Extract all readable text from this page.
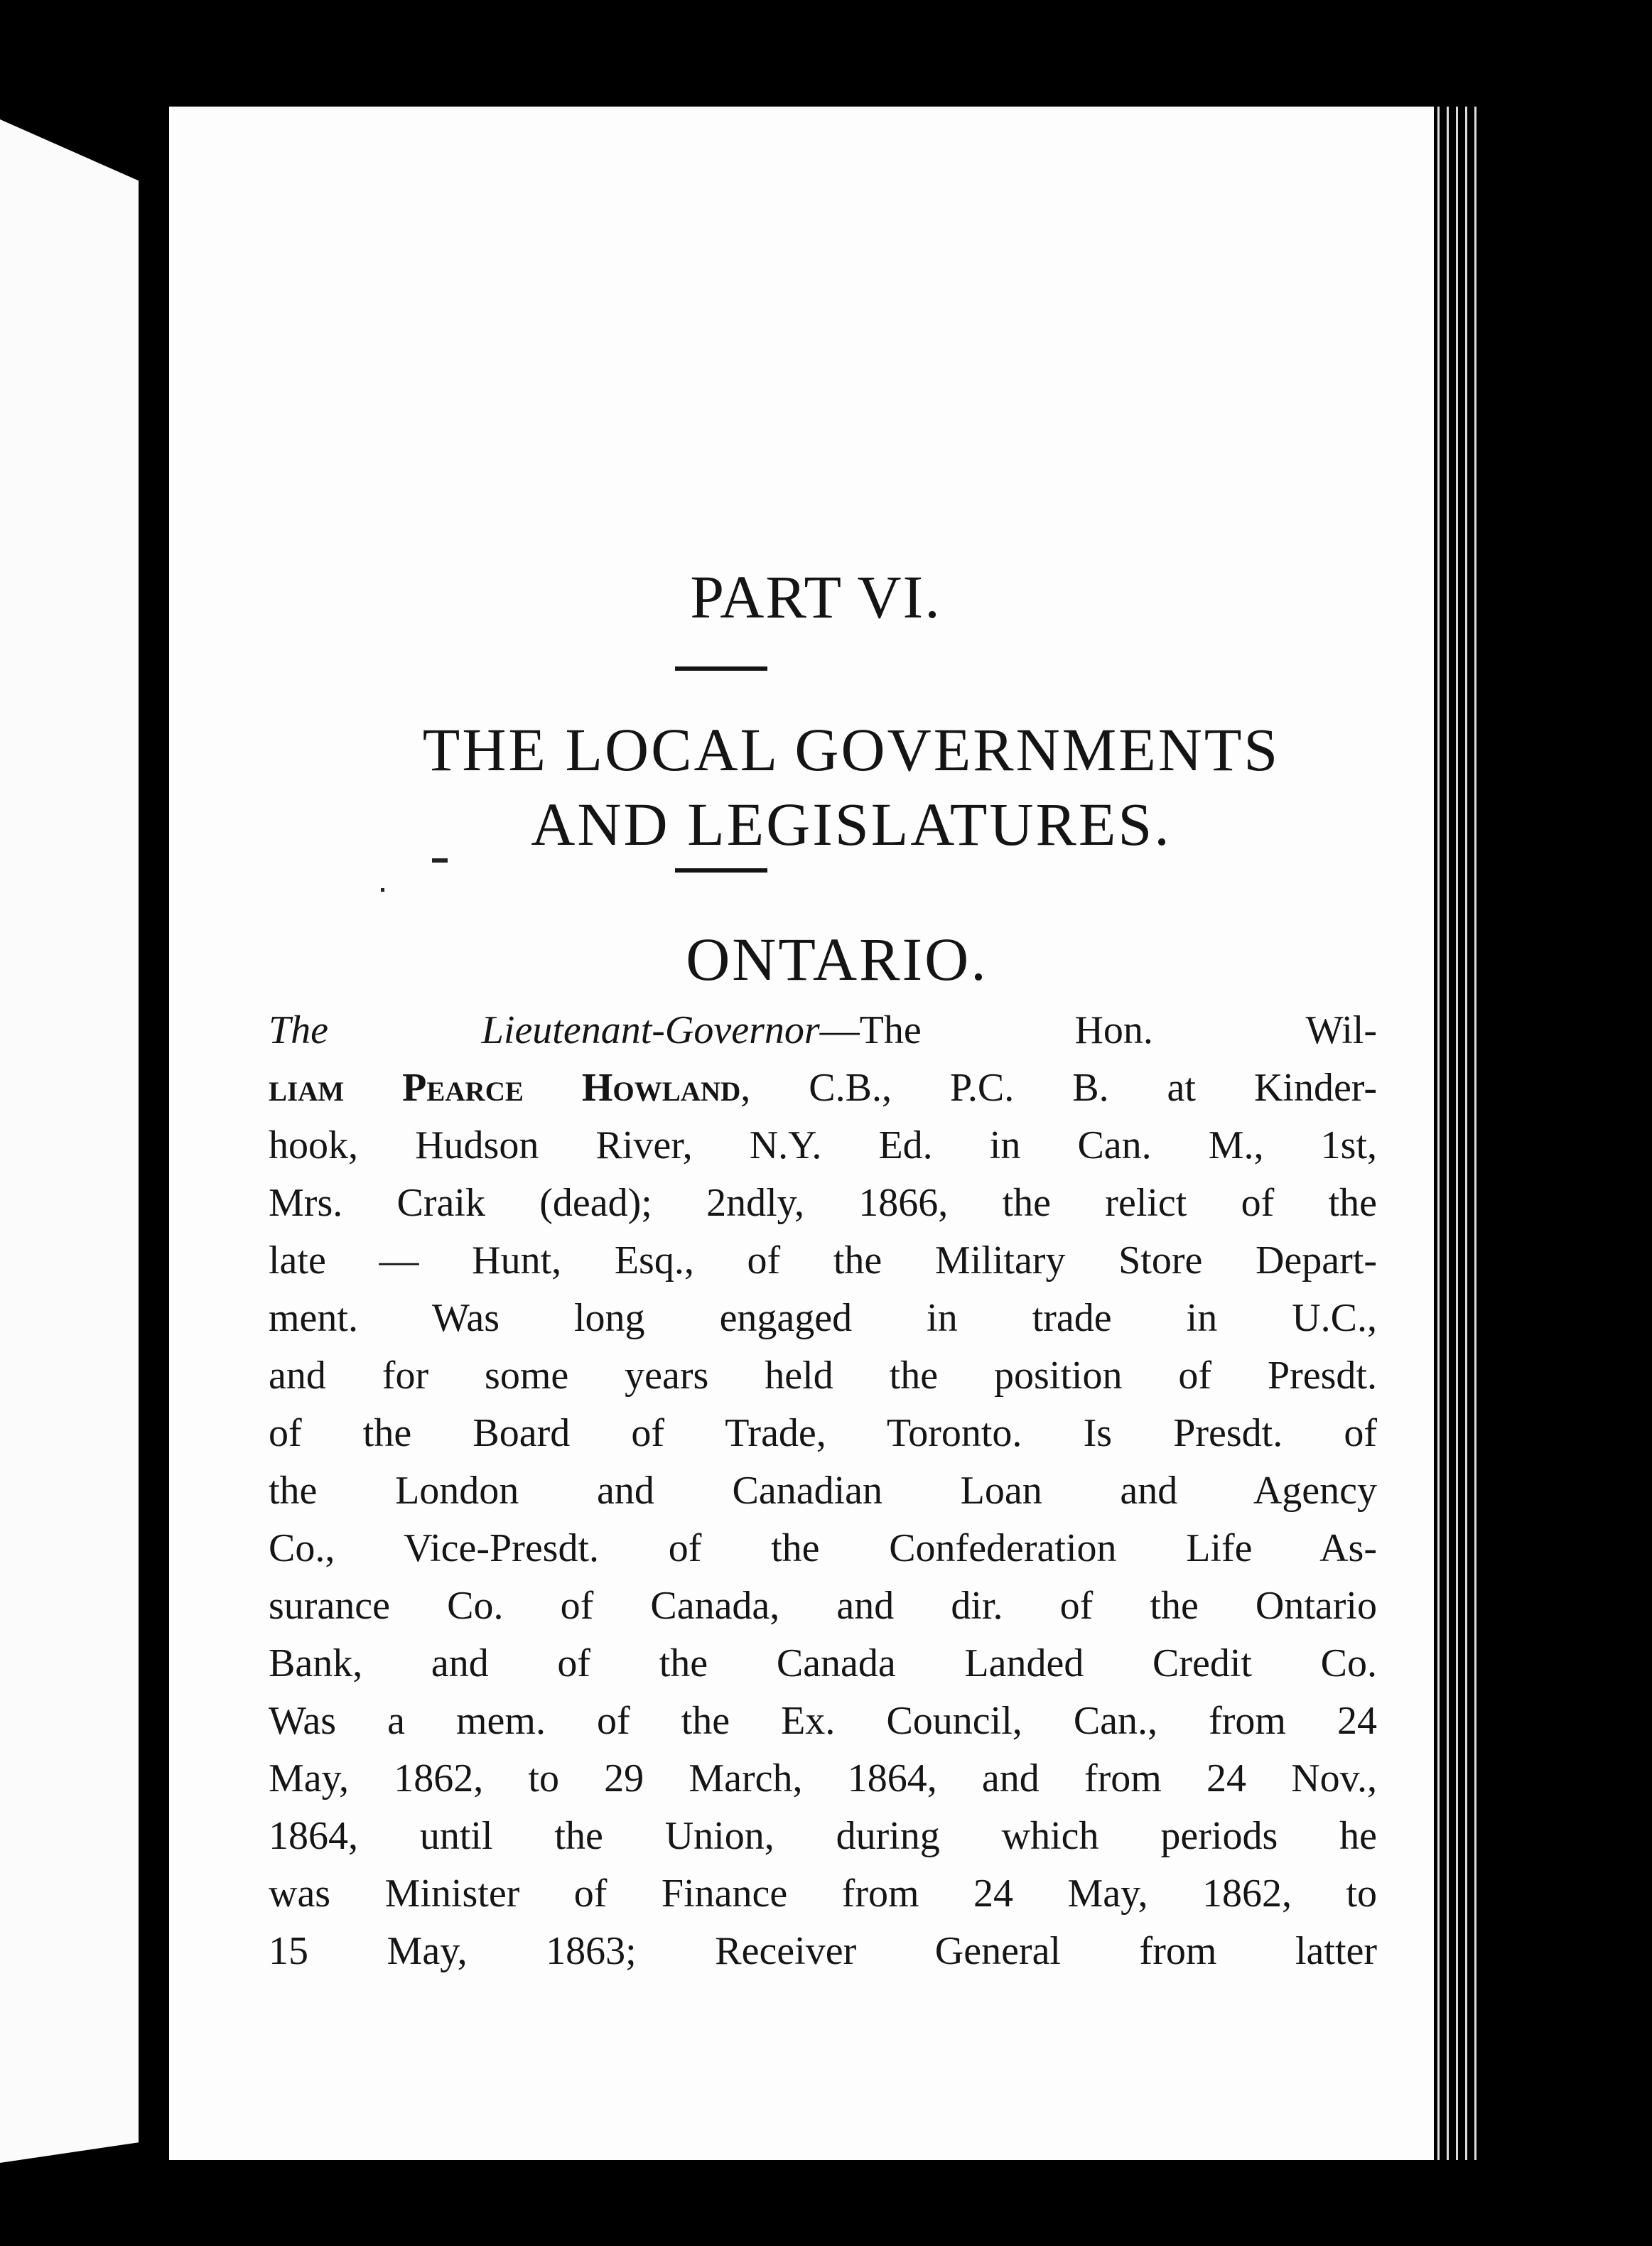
PART VI.
THE LOCAL GOVERNMENTS
AND LEGISLATURES.
ONTARIO.
The Lieutenant-Governor—The Hon. Wil-
liam Pearce Howland, C.B., P.C. B. at Kinder-
hook, Hudson River, N.Y. Ed. in Can. M., 1st,
Mrs. Craik (dead); 2ndly, 1866, the relict of the
late — Hunt, Esq., of the Military Store Depart-
ment. Was long engaged in trade in U.C.,
and for some years held the position of Presdt.
of the Board of Trade, Toronto. Is Presdt. of
the London and Canadian Loan and Agency
Co., Vice-Presdt. of the Confederation Life As-
surance Co. of Canada, and dir. of the Ontario
Bank, and of the Canada Landed Credit Co.
Was a mem. of the Ex. Council, Can., from 24
May, 1862, to 29 March, 1864, and from 24 Nov.,
1864, until the Union, during which periods he
was Minister of Finance from 24 May, 1862, to
15 May, 1863; Receiver General from latter
